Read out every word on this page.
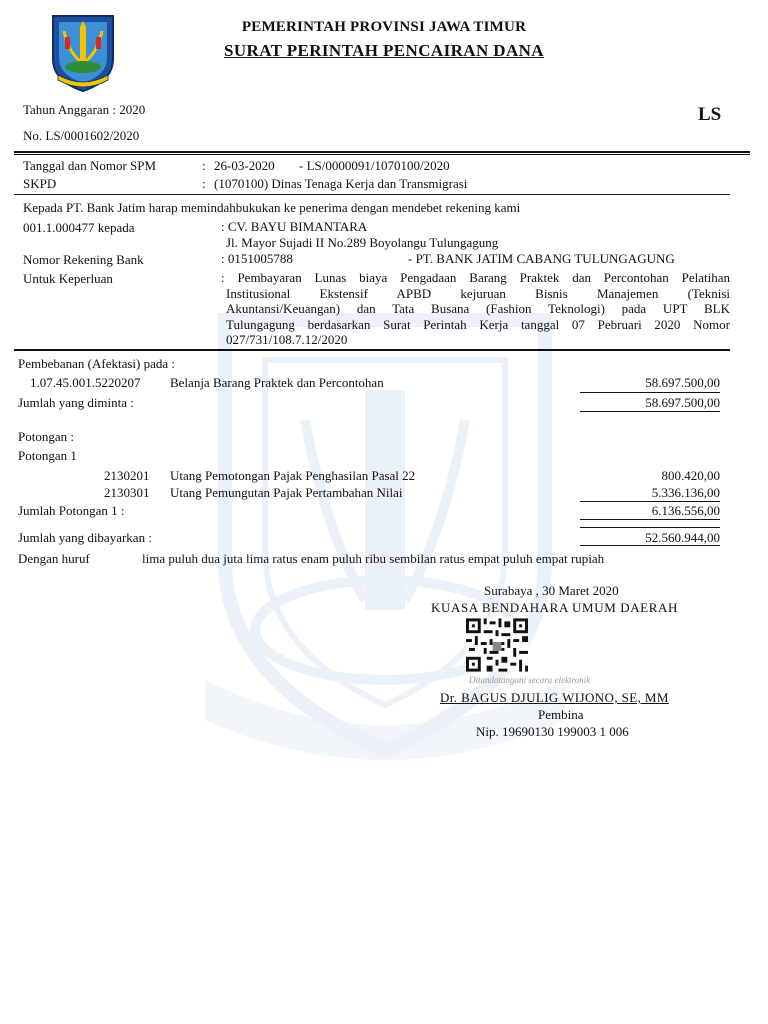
PEMERINTAH PROVINSI JAWA TIMUR
SURAT PERINTAH PENCAIRAN DANA
Tahun Anggaran : 2020
No. LS/0001602/2020
LS
Tanggal dan Nomor SPM	: 26-03-2020 - LS/0000091/1070100/2020
SKPD	: (1070100) Dinas Tenaga Kerja dan Transmigrasi
Kepada PT. Bank Jatim harap memindahbukukan ke penerima dengan mendebet rekening kami
001.1.000477 kepada	: CV. BAYU BIMANTARA
Jl. Mayor Sujadi II No.289 Boyolangu Tulungagung
Nomor Rekening Bank	: 0151005788	- PT. BANK JATIM CABANG TULUNGAGUNG
Untuk Keperluan	: Pembayaran Lunas biaya Pengadaan Barang Praktek dan Percontohan Pelatihan
Institusional Ekstensif APBD kejuruan Bisnis Manajemen (Teknisi
Akuntansi/Keuangan) dan Tata Busana (Fashion Teknologi) pada UPT BLK
Tulungagung berdasarkan Surat Perintah Kerja tanggal 07 Pebruari 2020 Nomor
027/731/108.7.12/2020
Pembebanan (Afektasi) pada :
1.07.45.001.5220207 Belanja Barang Praktek dan Percontohan	58.697.500,00
Jumlah yang diminta :	58.697.500,00
Potongan :
Potongan 1
2130201 Utang Pemotongan Pajak Penghasilan Pasal 22	800.420,00
2130301 Utang Pemungutan Pajak Pertambahan Nilai	5.336.136,00
Jumlah Potongan 1 :	6.136.556,00
Jumlah yang dibayarkan :	52.560.944,00
Dengan huruf	lima puluh dua juta lima ratus enam puluh ribu sembilan ratus empat puluh empat rupiah
Surabaya , 30 Maret 2020
KUASA BENDAHARA UMUM DAERAH
Ditandatangani secara elektronik
Dr. BAGUS DJULIG WIJONO, SE, MM
Pembina
Nip. 19690130 199003 1 006
